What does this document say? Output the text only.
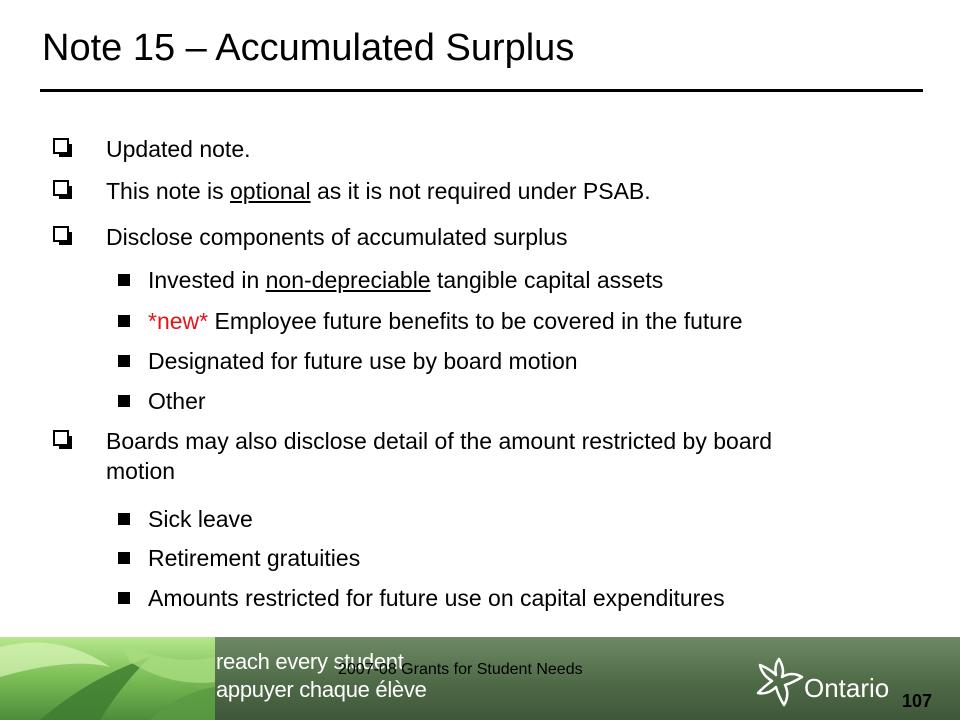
Note 15 – Accumulated Surplus
Updated note.
This note is optional as it is not required under PSAB.
Disclose components of accumulated surplus
Invested in non-depreciable tangible capital assets
*new* Employee future benefits to be covered in the future
Designated for future use by board motion
Other
Boards may also disclose detail of the amount restricted by board
motion
Sick leave
Retirement gratuities
Amounts restricted for future use on capital expenditures
reach every student
appuyer chaque élève
2007-08 Grants for Student Needs
Ontario 107
